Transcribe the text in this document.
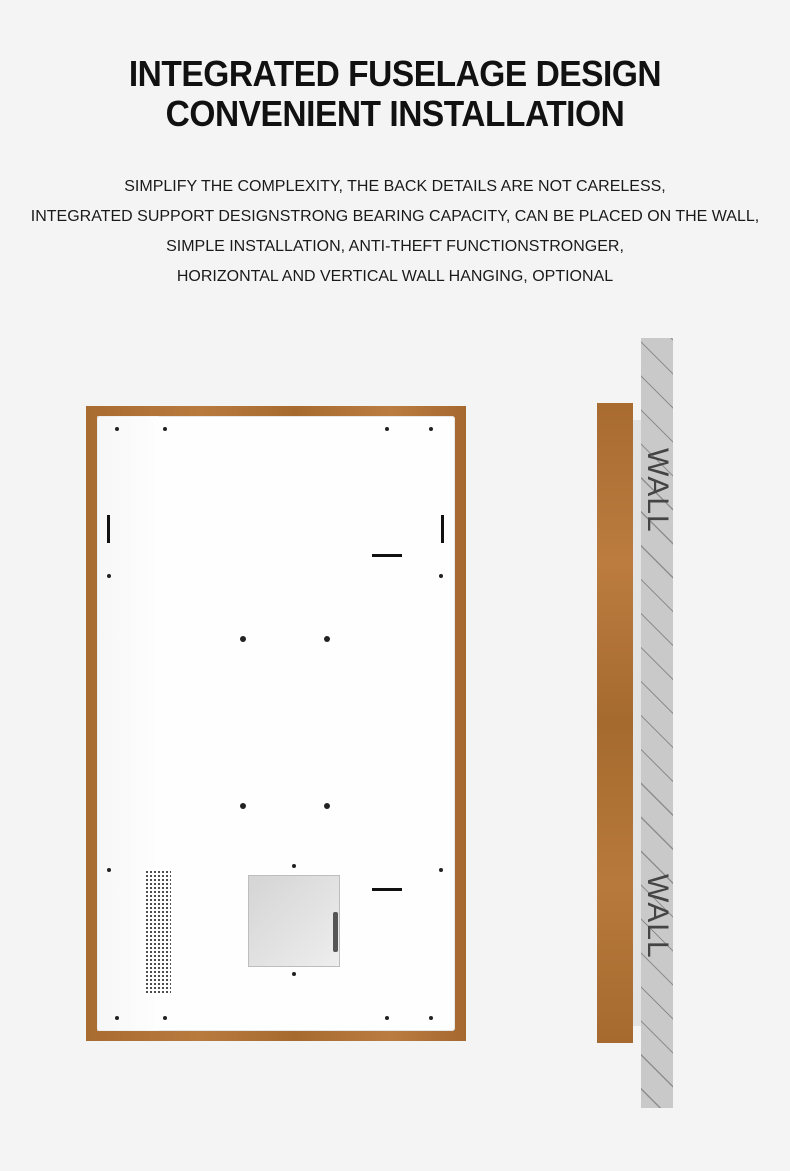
INTEGRATED FUSELAGE DESIGN
CONVENIENT INSTALLATION
SIMPLIFY THE COMPLEXITY, THE BACK DETAILS ARE NOT CARELESS,
INTEGRATED SUPPORT DESIGNSTRONG BEARING CAPACITY, CAN BE PLACED ON THE WALL,
SIMPLE INSTALLATION, ANTI-THEFT FUNCTIONSTRONGER,
HORIZONTAL AND VERTICAL WALL HANGING, OPTIONAL
WALL
WALL
